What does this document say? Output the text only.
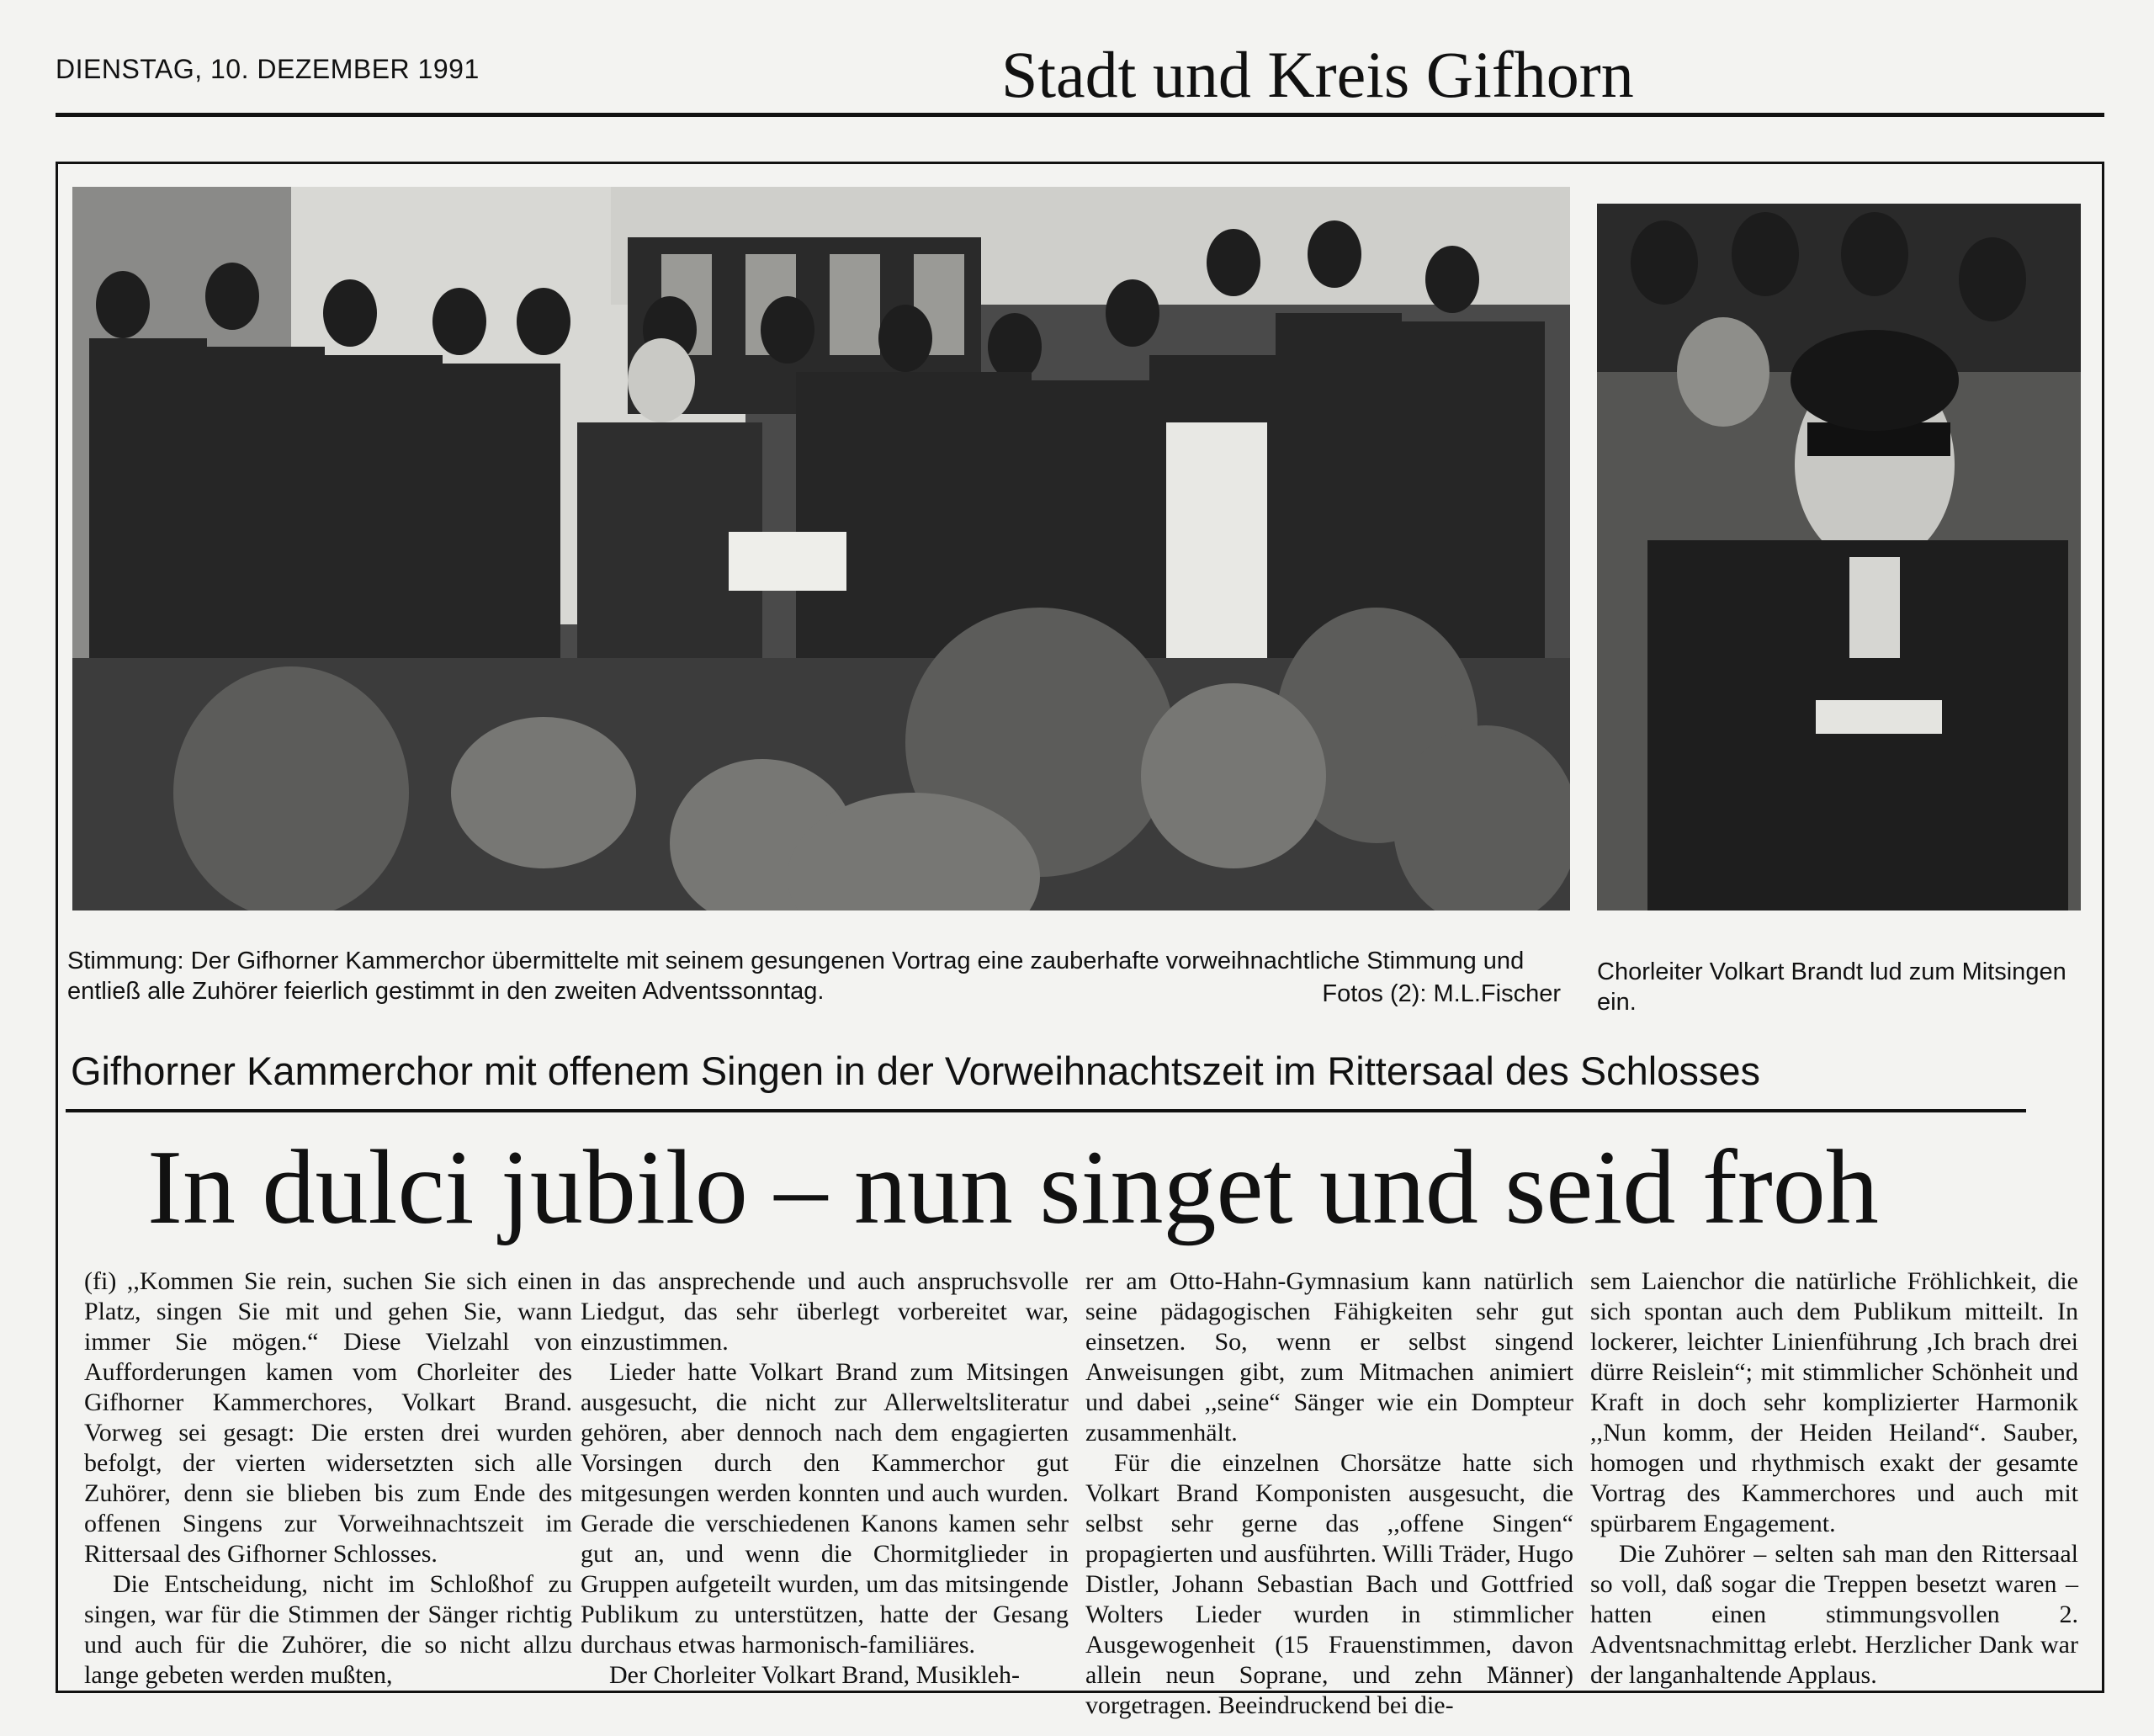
DIENSTAG, 10. DEZEMBER 1991	Stadt und Kreis Gifhorn
Stimmung: Der Gifhorner Kammerchor übermittelte mit seinem gesungenen Vortrag eine zauberhafte vorweihnachtliche Stimmung und entließ alle Zuhörer feierlich gestimmt in den zweiten Adventssonntag.	Fotos (2): M.L.Fischer
Chorleiter Volkart Brandt lud zum Mitsingen ein.
Gifhorner Kammerchor mit offenem Singen in der Vorweihnachtszeit im Rittersaal des Schlosses
In dulci jubilo – nun singet und seid froh

(fi) ,,Kommen Sie rein, suchen Sie sich einen Platz, singen Sie mit und gehen Sie, wann immer Sie mögen.“ Diese Vielzahl von Aufforderungen kamen vom Chorleiter des Gifhorner Kammerchores, Volkart Brand. Vorweg sei gesagt: Die ersten drei wurden befolgt, der vierten widersetzten sich alle Zuhörer, denn sie blieben bis zum Ende des offenen Singens zur Vorweihnachtszeit im Rittersaal des Gifhorner Schlosses.

Die Entscheidung, nicht im Schloßhof zu singen, war für die Stimmen der Sänger richtig und auch für die Zuhörer, die so nicht allzu lange gebeten werden mußten,

in das ansprechende und auch anspruchsvolle Liedgut, das sehr überlegt vorbereitet war, einzustimmen.

Lieder hatte Volkart Brand zum Mitsingen ausgesucht, die nicht zur Allerweltsliteratur gehören, aber dennoch nach dem engagierten Vorsingen durch den Kammerchor gut mitgesungen werden konnten und auch wurden. Gerade die verschiedenen Kanons kamen sehr gut an, und wenn die Chormitglieder in Gruppen aufgeteilt wurden, um das mitsingende Publikum zu unterstützen, hatte der Gesang durchaus etwas harmonisch-familiäres.

Der Chorleiter Volkart Brand, Musikleh-

rer am Otto-Hahn-Gymnasium kann natürlich seine pädagogischen Fähigkeiten sehr gut einsetzen. So, wenn er selbst singend Anweisungen gibt, zum Mitmachen animiert und dabei ,,seine“ Sänger wie ein Dompteur zusammenhält.

Für die einzelnen Chorsätze hatte sich Volkart Brand Komponisten ausgesucht, die selbst sehr gerne das ,,offene Singen“ propagierten und ausführten. Willi Träder, Hugo Distler, Johann Sebastian Bach und Gottfried Wolters Lieder wurden in stimmlicher Ausgewogenheit (15 Frauenstimmen, davon allein neun Soprane, und zehn Männer) vorgetragen. Beeindruckend bei die-

sem Laienchor die natürliche Fröhlichkeit, die sich spontan auch dem Publikum mitteilt. In lockerer, leichter Linienführung ,Ich brach drei dürre Reislein“; mit stimmlicher Schönheit und Kraft in doch sehr komplizierter Harmonik ,,Nun komm, der Heiden Heiland“. Sauber, homogen und rhythmisch exakt der gesamte Vortrag des Kammerchores und auch mit spürbarem Engagement.

Die Zuhörer – selten sah man den Rittersaal so voll, daß sogar die Treppen besetzt waren – hatten einen stimmungsvollen 2. Adventsnachmittag erlebt. Herzlicher Dank war der langanhaltende Applaus.
